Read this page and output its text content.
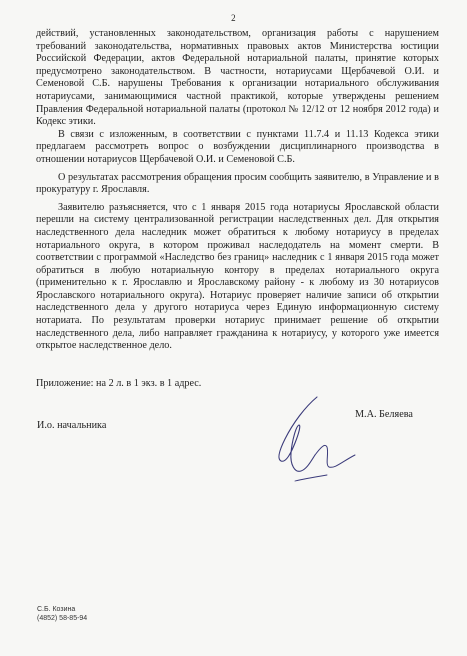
2

действий, установленных законодательством, организация работы с нарушением требований законодательства, нормативных правовых актов Министерства юстиции Российской Федерации, актов Федеральной нотариальной палаты, принятие которых предусмотрено законодательством. В частности, нотариусами Щербачевой О.И. и Семеновой С.Б. нарушены Требования к организации нотариального обслуживания нотариусами, занимающимися частной практикой, которые утверждены решением Правления Федеральной нотариальной палаты (протокол № 12/12 от 12 ноября 2012 года) и Кодекс этики.

В связи с изложенным, в соответствии с пунктами 11.7.4 и 11.13 Кодекса этики предлагаем рассмотреть вопрос о возбуждении дисциплинарного производства в отношении нотариусов Щербачевой О.И. и Семеновой С.Б.

О результатах рассмотрения обращения просим сообщить заявителю, в Управление и в прокуратуру г. Ярославля.

Заявителю разъясняется, что с 1 января 2015 года нотариусы Ярославской области перешли на систему централизованной регистрации наследственных дел. Для открытия наследственного дела наследник может обратиться к любому нотариусу в пределах нотариального округа, в котором проживал наследодатель на момент смерти. В соответствии с программой «Наследство без границ» наследник с 1 января 2015 года может обратиться в любую нотариальную контору в пределах нотариального округа (применительно к г. Ярославлю и Ярославскому району - к любому из 30 нотариусов Ярославского нотариального округа). Нотариус проверяет наличие записи об открытии наследственного дела у другого нотариуса через Единую информационную систему нотариата. По результатам проверки нотариус принимает решение об открытии наследственного дела, либо направляет гражданина к нотариусу, у которого уже имеется открытое наследственное дело.

Приложение: на 2 л. в 1 экз. в 1 адрес.
И.о. начальника
М.А. Беляева
С.Б. Козина
(4852) 58-85-94
